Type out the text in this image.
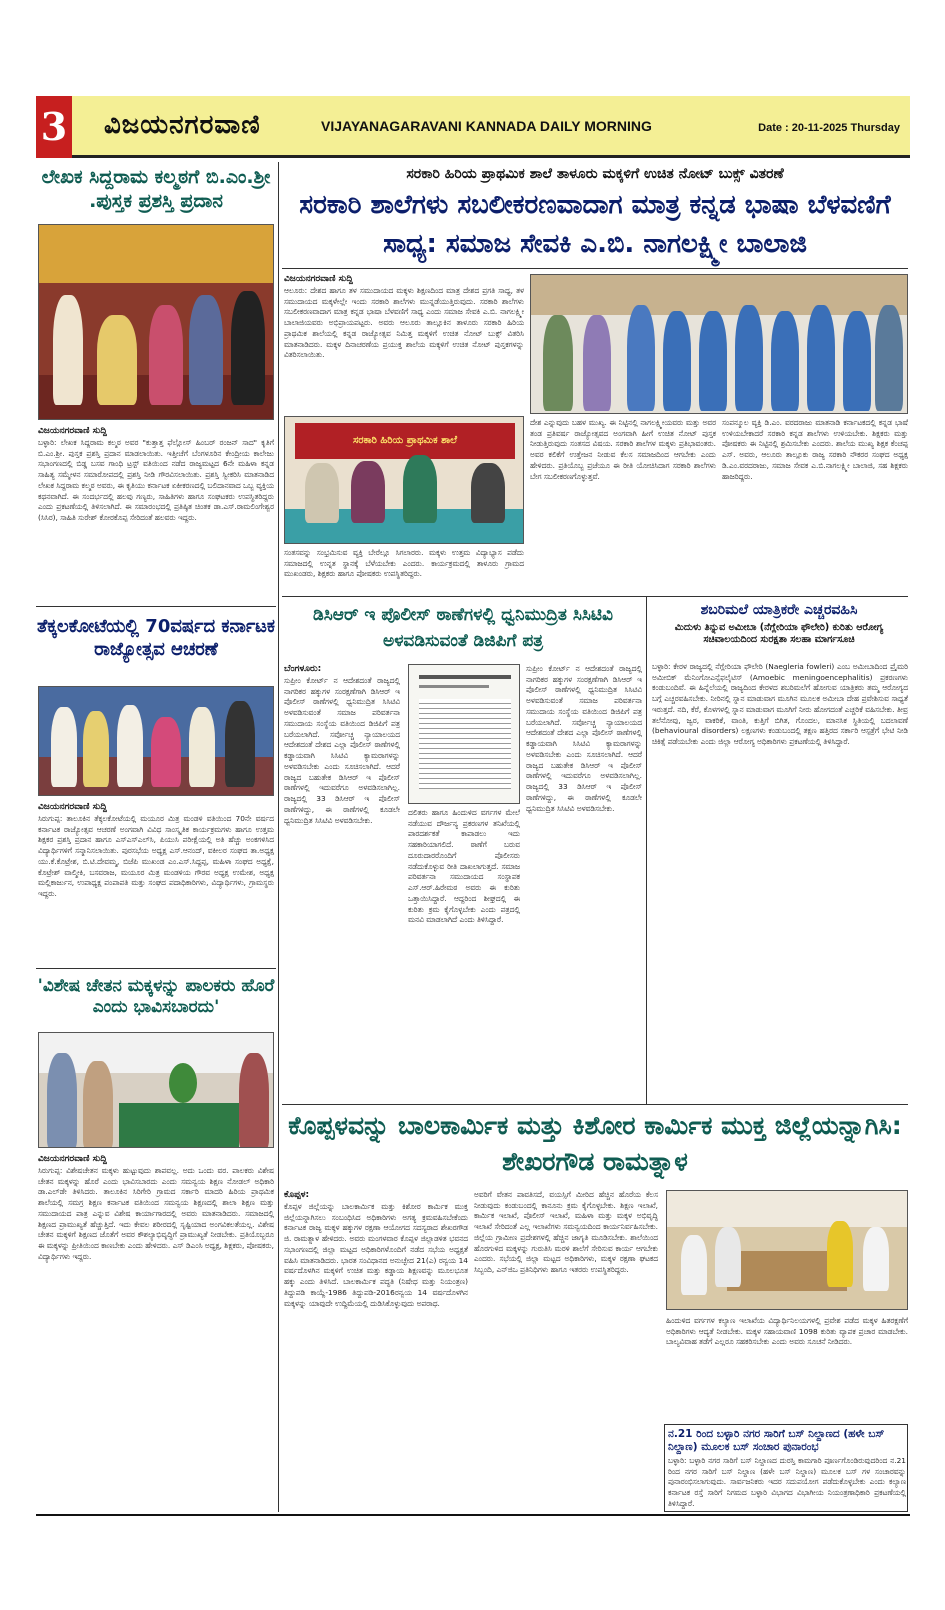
3 ವಿಜಯನಗರವಾಣಿ	VIJAYANAGARAVANI KANNADA DAILY MORNING	Date : 20-11-2025 Thursday
ಲೇಖಕ ಸಿದ್ದರಾಮ ಕಲ್ಮಠಗೆ ಬಿ.ಎಂ.ಶ್ರೀ .ಪುಸ್ತಕ ಪ್ರಶಸ್ತಿ ಪ್ರದಾನ
ವಿಜಯನಗರವಾಣಿ ಸುದ್ದಿ
ಬಳ್ಳಾರಿ: ಲೇಖಕ ಸಿದ್ದರಾಮ ಕಲ್ಮಠ ಅವರ "ಕುತ್ತಾತ್ತ ಫೆಲ್ಲೋಸ್ ಹಿಂಬರ್ ರಂಜನ್ ಸಾದ" ಕೃತಿಗೆ ಬಿ.ಎಂ.ಶ್ರೀ. ಪುಸ್ತಕ ಪ್ರಶಸ್ತಿ ಪ್ರದಾನ ಮಾಡಲಾಯಿತು. ಇತ್ತೀಚೆಗೆ ಬೆಂಗಳೂರಿನ ಕೇಂದ್ರೀಯ ಕಾಲೇಜು ಸಭಾಂಗಣದಲ್ಲಿ ಬಿಡ್ಡ ಬಸವ ಗಾಂಧಿ ಟ್ರಸ್ಟ್ ವತಿಯಿಂದ ನಡೆದ ರಾಜ್ಯಮಟ್ಟದ 6ನೇ ಮಹಿಳಾ ಕನ್ನಡ ಸಾಹಿತ್ಯ ಸಮ್ಮೇಳನ ಸಮಾರೋಪದಲ್ಲಿ ಪ್ರಶಸ್ತಿ ನೀಡಿ ಗೌರವಿಸಲಾಯಿತು. ಪ್ರಶಸ್ತಿ ಸ್ವೀಕರಿಸಿ ಮಾತನಾಡಿದ ಲೇಖಕ ಸಿದ್ದರಾಮ ಕಲ್ಮಠ ಅವರು, ಈ ಕೃತಿಯು ಕರ್ನಾಟಕ ಏಕೀಕರಣದಲ್ಲಿ ಬಲಿದಾನವಾದ ಒಬ್ಬ ವ್ಯಕ್ತಿಯ ಕಥನವಾಗಿದೆ. ಈ ಸಂದರ್ಭದಲ್ಲಿ ಹಲವು ಗಣ್ಯರು, ಸಾಹಿತಿಗಳು ಹಾಗೂ ಸಂಘಟಕರು ಉಪಸ್ಥಿತರಿದ್ದರು ಎಂದು ಪ್ರಕಟಣೆಯಲ್ಲಿ ತಿಳಿಸಲಾಗಿದೆ. ಈ ಸಮಾರಂಭದಲ್ಲಿ ಪ್ರತಿಷ್ಠಿತ ಚಿಂತಕ ಡಾ.ಎಸ್.ರಾಮಲಿಂಗೇಶ್ವರ (ಸಿಸಿರ), ಸಾಹಿತಿ ಸುರೇಶ್ ಕೋರಕೊಪ್ಪ ಸೇರಿದಂತೆ ಹಲವರು ಇದ್ದರು.
ತೆಕ್ಕಲಕೋಟೆಯಲ್ಲಿ 70ವರ್ಷದ ಕರ್ನಾಟಕ ರಾಜ್ಯೋತ್ಸವ ಆಚರಣೆ
ವಿಜಯನಗರವಾಣಿ ಸುದ್ದಿ
ಸಿರುಗುಪ್ಪ: ತಾಲೂಕಿನ ತೆಕ್ಕಲಕೋಟೆಯಲ್ಲಿ ಮಯೂರ ಮಿತ್ರ ಮಂಡಳಿ ವತಿಯಿಂದ 70ನೇ ವರ್ಷದ ಕರ್ನಾಟಕ ರಾಜ್ಯೋತ್ಸವ ಆಚರಣೆ ಅಂಗವಾಗಿ ವಿವಿಧ ಸಾಂಸ್ಕೃತಿಕ ಕಾರ್ಯಕ್ರಮಗಳು ಹಾಗೂ ಉತ್ತಮ ಶಿಕ್ಷಕರ ಪ್ರಶಸ್ತಿ ಪ್ರದಾನ ಹಾಗೂ ಎಸ್‌ಎಸ್‌ಎಲ್‌ಸಿ, ಪಿಯುಸಿ ಪರೀಕ್ಷೆಯಲ್ಲಿ ಅತಿ ಹೆಚ್ಚು ಅಂಕಗಳಿಸಿದ ವಿದ್ಯಾರ್ಥಿಗಳಿಗೆ ಸನ್ಮಾನಿಸಲಾಯಿತು. ಪುರಸಭೆಯ ಅಧ್ಯಕ್ಷ ಎಸ್.ಆನಂದ್, ವಕೀಲರ ಸಂಘದ ತಾ.ಅಧ್ಯಕ್ಷ ಯು.ಕೆ.ಕೊಟ್ರೇಶ, ಬಿ.ಟಿ.ದೇವಮ್ಮ, ಬಿಜೆಪಿ ಮುಖಂಡ ಎಂ.ಎಸ್.ಸಿದ್ದಪ್ಪ, ಮಹಿಳಾ ಸಂಘದ ಅಧ್ಯಕ್ಷೆ, ಕೊಟ್ರೇಶ್ ವಾಲ್ಮೀಕಿ, ಬಸವರಾಜ, ಮಯೂರ ಮಿತ್ರ ಮಂಡಳಿಯ ಗೌರವ ಅಧ್ಯಕ್ಷ ಉಮೇಶ, ಅಧ್ಯಕ್ಷ ಮಲ್ಲಿಕಾರ್ಜುನ, ಉಪಾಧ್ಯಕ್ಷ ಪಂಪಾಪತಿ ಮತ್ತು ಸಂಘದ ಪದಾಧಿಕಾರಿಗಳು, ವಿದ್ಯಾರ್ಥಿಗಳು, ಗ್ರಾಮಸ್ಥರು ಇದ್ದರು.
'ವಿಶೇಷ ಚೇತನ ಮಕ್ಕಳನ್ನು ಪಾಲಕರು ಹೊರೆ ಎಂದು ಭಾವಿಸಬಾರದು'
ವಿಜಯನಗರವಾಣಿ ಸುದ್ದಿ
ಸಿರುಗುಪ್ಪ: ವಿಶೇಷಚೇತನ ಮಕ್ಕಳು ಹುಟ್ಟುವುದು ಶಾಪವಲ್ಲ. ಅದು ಒಂದು ವರ. ಪಾಲಕರು ವಿಶೇಷ ಚೇತನ ಮಕ್ಕಳನ್ನು ಹೊರೆ ಎಂದು ಭಾವಿಸಬಾರದು ಎಂದು ಸಮನ್ವಯ ಶಿಕ್ಷಣ ನೋಡಲ್ ಅಧಿಕಾರಿ ಡಾ.ಎಲ್‌ಡೇ ತಿಳಿಸಿದರು. ತಾಲೂಕಿನ ಸಿರಿಗೇರಿ ಗ್ರಾಮದ ಸರ್ಕಾರಿ ಮಾದರಿ ಹಿರಿಯ ಪ್ರಾಥಮಿಕ ಶಾಲೆಯಲ್ಲಿ ಸಮಗ್ರ ಶಿಕ್ಷಣ ಕರ್ನಾಟಕ ವತಿಯಿಂದ ಸಮನ್ವಯ ಶಿಕ್ಷಣದಲ್ಲಿ ಶಾಲಾ ಶಿಕ್ಷಣ ಮತ್ತು ಸಮುದಾಯದ ಪಾತ್ರ ಎನ್ನುವ ವಿಶೇಷ ಕಾರ್ಯಾಗಾರದಲ್ಲಿ ಅವರು ಮಾತನಾಡಿದರು. ಸಮಾಜದಲ್ಲಿ ಶಿಕ್ಷಣದ ಪ್ರಾಮುಖ್ಯತೆ ಹೆಚ್ಚುತ್ತಿದೆ. ಇದು ಕೇವಲ ಶರೀರದಲ್ಲಿ ಸೃಷ್ಟಿಯಾದ ಅಂಗವಿಕಲತೆಯಲ್ಲ. ವಿಶೇಷ ಚೇತನ ಮಕ್ಕಳಿಗೆ ಶಿಕ್ಷಣದ ಜೊತೆಗೆ ಅವರ ಕೌಶಲ್ಯಾಭಿವೃದ್ಧಿಗೆ ಪ್ರಾಮುಖ್ಯತೆ ನೀಡಬೇಕು. ಪ್ರತಿಯೊಬ್ಬರೂ ಈ ಮಕ್ಕಳನ್ನು ಪ್ರೀತಿಯಿಂದ ಕಾಣಬೇಕು ಎಂದು ಹೇಳಿದರು. ಎಸ್ ಡಿಎಂಸಿ ಅಧ್ಯಕ್ಷ, ಶಿಕ್ಷಕರು, ಪೋಷಕರು, ವಿದ್ಯಾರ್ಥಿಗಳು ಇದ್ದರು.
ಸರಕಾರಿ ಹಿರಿಯ ಪ್ರಾಥಮಿಕ ಶಾಲೆ ತಾಳೂರು ಮಕ್ಕಳಿಗೆ ಉಚಿತ ನೋಟ್ ಬುಕ್ಸ್ ವಿತರಣೆ
ಸರಕಾರಿ ಶಾಲೆಗಳು ಸಬಲೀಕರಣವಾದಾಗ ಮಾತ್ರ ಕನ್ನಡ ಭಾಷಾ ಬೆಳವಣಿಗೆ ಸಾಧ್ಯ: ಸಮಾಜ ಸೇವಕಿ ಎ.ಬಿ. ನಾಗಲಕ್ಷ್ಮೀ ಬಾಲಾಜಿ
ವಿಜಯನಗರವಾಣಿ ಸುದ್ದಿ
ಆಲೂರು: ದೇಶದ ಹಾಗೂ ತಳ ಸಮುದಾಯದ ಮಕ್ಕಳು ಶಿಕ್ಷಣದಿಂದ ಮಾತ್ರ ದೇಶದ ಪ್ರಗತಿ ಸಾಧ್ಯ, ತಳ ಸಮುದಾಯದ ಮಕ್ಕಳೇಲ್ಲೇ ಇಂದು ಸರಕಾರಿ ಶಾಲೆಗಳು ಮುನ್ನಡೆಯುತ್ತಿರುವುದು. ಸರಕಾರಿ ಶಾಲೆಗಳು ಸಬಲೀಕರಣವಾದಾಗ ಮಾತ್ರ ಕನ್ನಡ ಭಾಷಾ ಬೆಳವಣಿಗೆ ಸಾಧ್ಯ ಎಂದು ಸಮಾಜ ಸೇವಕಿ ಎ.ಬಿ. ನಾಗಲಕ್ಷ್ಮೀ ಬಾಲಾಜಿಯವರು ಅಭಿಪ್ರಾಯಪಟ್ಟರು. ಅವರು ಆಲೂರು ತಾಲ್ಲೂಕಿನ ತಾಳೂರು ಸರಕಾರಿ ಹಿರಿಯ ಪ್ರಾಥಮಿಕ ಶಾಲೆಯಲ್ಲಿ ಕನ್ನಡ ರಾಜ್ಯೋತ್ಸವ ನಿಮಿತ್ತ ಮಕ್ಕಳಿಗೆ ಉಚಿತ ನೋಟ್ ಬುಕ್ಸ್ ವಿತರಿಸಿ ಮಾತನಾಡಿದರು. ಮಕ್ಕಳ ದಿನಾಚರಣೆಯ ಪ್ರಯುಕ್ತ ಶಾಲೆಯ ಮಕ್ಕಳಿಗೆ ಉಚಿತ ನೋಟ್ ಪುಸ್ತಕಗಳನ್ನು ವಿತರಿಸಲಾಯಿತು.
ಸರಕಾರಿ ಹಿರಿಯ ಪ್ರಾಥಮಿಕ ಶಾಲೆ
ದೇಶ ಎನ್ನುವುದು ಬಹಳ ಮುಖ್ಯ. ಈ ನಿಟ್ಟಿನಲ್ಲಿ ನಾಗಲಕ್ಷ್ಮೀಯವರು ಮತ್ತು ಅವರ ತಂಡ ಪ್ರತಿವರ್ಷ ರಾಜ್ಯೋತ್ಸವದ ಅಂಗವಾಗಿ ಹೀಗೆ ಉಚಿತ ನೋಟ್ ಪುಸ್ತಕ ನೀಡುತ್ತಿರುವುದು ಸಂತಸದ ವಿಷಯ. ಸರಕಾರಿ ಶಾಲೆಗಳ ಮಕ್ಕಳು ಪ್ರತಿಭಾವಂತರು. ಅವರ ಕಲಿಕೆಗೆ ಉತ್ತೇಜನ ನೀಡುವ ಕೆಲಸ ಸಮಾಜದಿಂದ ಆಗಬೇಕು ಎಂದು ಹೇಳಿದರು. ಪ್ರತಿಯೊಬ್ಬ ಪ್ರಜೆಯೂ ಈ ರೀತಿ ಯೋಚಿಸಿದಾಗ ಸರಕಾರಿ ಶಾಲೆಗಳು ಬೇಗ ಸಬಲೀಕರಣಗೊಳ್ಳುತ್ತವೆ.
ಸಂಪನ್ಮೂಲ ವ್ಯಕ್ತಿ ಡಿ.ಎಂ. ವರದರಾಜು ಮಾತನಾಡಿ ಕರ್ನಾಟಕದಲ್ಲಿ ಕನ್ನಡ ಭಾಷೆ ಉಳಿಯಬೇಕಾದರೆ ಸರಕಾರಿ ಕನ್ನಡ ಶಾಲೆಗಳು ಉಳಿಯಬೇಕು. ಶಿಕ್ಷಕರು ಮತ್ತು ಪೋಷಕರು ಈ ನಿಟ್ಟಿನಲ್ಲಿ ಶ್ರಮಿಸಬೇಕು ಎಂದರು. ಶಾಲೆಯ ಮುಖ್ಯ ಶಿಕ್ಷಕ ಕೆಂಚಪ್ಪ ಎಸ್. ಅವರು, ಆಲೂರು ತಾಲ್ಲೂಕು ರಾಜ್ಯ ಸರಕಾರಿ ನೌಕರರ ಸಂಘದ ಅಧ್ಯಕ್ಷ ಡಿ.ಎಂ.ವರದರಾಜು, ಸಮಾಜ ಸೇವಕ ಎ.ಬಿ.ನಾಗಲಕ್ಷ್ಮೀ ಬಾಲಾಜಿ, ಸಹ ಶಿಕ್ಷಕರು ಹಾಜರಿದ್ದರು.
ಸಂತಸವನ್ನು ಸಂಭ್ರಮಿಸುವ ವ್ಯಕ್ತಿ ಬೇರೆಲ್ಲೂ ಸಿಗಲಾರರು. ಮಕ್ಕಳು ಉತ್ತಮ ವಿದ್ಯಾಭ್ಯಾಸ ಪಡೆದು ಸಮಾಜದಲ್ಲಿ ಉನ್ನತ ಸ್ಥಾನಕ್ಕೆ ಬೆಳೆಯಬೇಕು ಎಂದರು. ಕಾರ್ಯಕ್ರಮದಲ್ಲಿ ತಾಳೂರು ಗ್ರಾಮದ ಮುಖಂಡರು, ಶಿಕ್ಷಕರು ಹಾಗೂ ಪೋಷಕರು ಉಪಸ್ಥಿತರಿದ್ದರು.
ಡಿಸಿಆರ್ ಇ ಪೊಲೀಸ್ ಠಾಣೆಗಳಲ್ಲಿ ಧ್ವನಿಮುದ್ರಿತ ಸಿಸಿಟಿವಿ ಅಳವಡಿಸುವಂತೆ ಡಿಜಿಪಿಗೆ ಪತ್ರ
ಬೆಂಗಳೂರು:
ಸುಪ್ರೀಂ ಕೋರ್ಟ್ ನ ಆದೇಶದಂತೆ ರಾಜ್ಯದಲ್ಲಿ ನಾಗರಿಕರ ಹಕ್ಕುಗಳ ಸಂರಕ್ಷಣೆಗಾಗಿ ಡಿಸಿಆರ್ ಇ ಪೊಲೀಸ್ ಠಾಣೆಗಳಲ್ಲಿ ಧ್ವನಿಮುದ್ರಿತ ಸಿಸಿಟಿವಿ ಅಳವಡಿಸುವಂತೆ ಸಮಾಜ ಪರಿವರ್ತನಾ ಸಮುದಾಯ ಸಂಸ್ಥೆಯ ವತಿಯಿಂದ ಡಿಜಿಪಿಗೆ ಪತ್ರ ಬರೆಯಲಾಗಿದೆ. ಸರ್ವೋಚ್ಚ ನ್ಯಾಯಾಲಯದ ಆದೇಶದಂತೆ ದೇಶದ ಎಲ್ಲಾ ಪೊಲೀಸ್ ಠಾಣೆಗಳಲ್ಲಿ ಕಡ್ಡಾಯವಾಗಿ ಸಿಸಿಟಿವಿ ಕ್ಯಾಮರಾಗಳನ್ನು ಅಳವಡಿಸಬೇಕು ಎಂದು ಸೂಚಿಸಲಾಗಿದೆ. ಆದರೆ ರಾಜ್ಯದ ಬಹುತೇಕ ಡಿಸಿಆರ್ ಇ ಪೊಲೀಸ್ ಠಾಣೆಗಳಲ್ಲಿ ಇದುವರೆಗೂ ಅಳವಡಿಸಲಾಗಿಲ್ಲ. ರಾಜ್ಯದಲ್ಲಿ 33 ಡಿಸಿಆರ್ ಇ ಪೊಲೀಸ್ ಠಾಣೆಗಳಿದ್ದು, ಈ ಠಾಣೆಗಳಲ್ಲಿ ಕೂಡಲೇ ಧ್ವನಿಮುದ್ರಿತ ಸಿಸಿಟಿವಿ ಅಳವಡಿಸಬೇಕು.
ದಲಿತರು ಹಾಗೂ ಹಿಂದುಳಿದ ವರ್ಗಗಳ ಮೇಲೆ ನಡೆಯುವ ದೌರ್ಜನ್ಯ ಪ್ರಕರಣಗಳ ತನಿಖೆಯಲ್ಲಿ ಪಾರದರ್ಶಕತೆ ಕಾಪಾಡಲು ಇದು ಸಹಕಾರಿಯಾಗಲಿದೆ. ಠಾಣೆಗೆ ಬರುವ ದೂರುದಾರರೊಂದಿಗೆ ಪೊಲೀಸರು ನಡೆದುಕೊಳ್ಳುವ ರೀತಿ ದಾಖಲಾಗುತ್ತದೆ. ಸಮಾಜ ಪರಿವರ್ತನಾ ಸಮುದಾಯದ ಸಂಸ್ಥಾಪಕ ಎಸ್.ಆರ್.ಹಿರೇಮಠ ಅವರು ಈ ಕುರಿತು ಒತ್ತಾಯಿಸಿದ್ದಾರೆ. ಆದ್ದರಿಂದ ಶೀಘ್ರದಲ್ಲಿ ಈ ಕುರಿತು ಕ್ರಮ ಕೈಗೊಳ್ಳಬೇಕು ಎಂದು ಪತ್ರದಲ್ಲಿ ಮನವಿ ಮಾಡಲಾಗಿದೆ ಎಂದು ತಿಳಿಸಿದ್ದಾರೆ.
ಸುಪ್ರೀಂ ಕೋರ್ಟ್ ನ ಆದೇಶದಂತೆ ರಾಜ್ಯದಲ್ಲಿ ನಾಗರಿಕರ ಹಕ್ಕುಗಳ ಸಂರಕ್ಷಣೆಗಾಗಿ ಡಿಸಿಆರ್ ಇ ಪೊಲೀಸ್ ಠಾಣೆಗಳಲ್ಲಿ ಧ್ವನಿಮುದ್ರಿತ ಸಿಸಿಟಿವಿ ಅಳವಡಿಸುವಂತೆ ಸಮಾಜ ಪರಿವರ್ತನಾ ಸಮುದಾಯ ಸಂಸ್ಥೆಯ ವತಿಯಿಂದ ಡಿಜಿಪಿಗೆ ಪತ್ರ ಬರೆಯಲಾಗಿದೆ. ಸರ್ವೋಚ್ಚ ನ್ಯಾಯಾಲಯದ ಆದೇಶದಂತೆ ದೇಶದ ಎಲ್ಲಾ ಪೊಲೀಸ್ ಠಾಣೆಗಳಲ್ಲಿ ಕಡ್ಡಾಯವಾಗಿ ಸಿಸಿಟಿವಿ ಕ್ಯಾಮರಾಗಳನ್ನು ಅಳವಡಿಸಬೇಕು ಎಂದು ಸೂಚಿಸಲಾಗಿದೆ. ಆದರೆ ರಾಜ್ಯದ ಬಹುತೇಕ ಡಿಸಿಆರ್ ಇ ಪೊಲೀಸ್ ಠಾಣೆಗಳಲ್ಲಿ ಇದುವರೆಗೂ ಅಳವಡಿಸಲಾಗಿಲ್ಲ. ರಾಜ್ಯದಲ್ಲಿ 33 ಡಿಸಿಆರ್ ಇ ಪೊಲೀಸ್ ಠಾಣೆಗಳಿದ್ದು, ಈ ಠಾಣೆಗಳಲ್ಲಿ ಕೂಡಲೇ ಧ್ವನಿಮುದ್ರಿತ ಸಿಸಿಟಿವಿ ಅಳವಡಿಸಬೇಕು.
ಶಬರಿಮಲೆ ಯಾತ್ರಿಕರೇ ಎಚ್ಚರವಹಿಸಿ
ಮಿದುಳು ತಿನ್ನುವ ಅಮೀಬಾ (ನೆಗ್ಲೇರಿಯಾ ಫೌಲೇರಿ) ಕುರಿತು ಆರೋಗ್ಯ ಸಚಿವಾಲಯದಿಂದ ಸುರಕ್ಷತಾ ಸಲಹಾ ಮಾರ್ಗಸೂಚಿ
ಬಳ್ಳಾರಿ: ಕೇರಳ ರಾಜ್ಯದಲ್ಲಿ ನೆಗ್ಲೇರಿಯಾ ಫೌಲೇರಿ (Naegleria fowleri) ಎಂಬ ಅಮೀಬಾದಿಂದ ಪ್ರೈಮರಿ ಅಮೀಬಿಕ್ ಮೆನಿಂಗೋಎನ್ಸೆಫಲೈಟಿಸ್ (Amoebic meningoencephalitis) ಪ್ರಕರಣಗಳು ಕಂಡುಬಂದಿವೆ. ಈ ಹಿನ್ನೆಲೆಯಲ್ಲಿ ರಾಜ್ಯದಿಂದ ಕೇರಳದ ಶಬರಿಮಲೆಗೆ ಹೋಗುವ ಯಾತ್ರಿಕರು ತಮ್ಮ ಆರೋಗ್ಯದ ಬಗ್ಗೆ ಎಚ್ಚರವಹಿಸಬೇಕು. ನೀರಿನಲ್ಲಿ ಸ್ನಾನ ಮಾಡುವಾಗ ಮೂಗಿನ ಮೂಲಕ ಅಮೀಬಾ ದೇಹ ಪ್ರವೇಶಿಸುವ ಸಾಧ್ಯತೆ ಇರುತ್ತದೆ. ನದಿ, ಕೆರೆ, ಕೊಳಗಳಲ್ಲಿ ಸ್ನಾನ ಮಾಡುವಾಗ ಮೂಗಿಗೆ ನೀರು ಹೋಗದಂತೆ ಎಚ್ಚರಿಕೆ ವಹಿಸಬೇಕು. ತೀವ್ರ ತಲೆನೋವು, ಜ್ವರ, ವಾಕರಿಕೆ, ವಾಂತಿ, ಕುತ್ತಿಗೆ ಬಿಗಿತ, ಗೊಂದಲ, ಮಾನಸಿಕ ಸ್ಥಿತಿಯಲ್ಲಿ ಬದಲಾವಣೆ (behavioural disorders) ಲಕ್ಷಣಗಳು ಕಂಡುಬಂದಲ್ಲಿ ತಕ್ಷಣ ಹತ್ತಿರದ ಸರ್ಕಾರಿ ಆಸ್ಪತ್ರೆಗೆ ಭೇಟಿ ನೀಡಿ ಚಿಕಿತ್ಸೆ ಪಡೆಯಬೇಕು ಎಂದು ಜಿಲ್ಲಾ ಆರೋಗ್ಯ ಅಧಿಕಾರಿಗಳು ಪ್ರಕಟಣೆಯಲ್ಲಿ ತಿಳಿಸಿದ್ದಾರೆ.
ಕೊಪ್ಪಳವನ್ನು ಬಾಲಕಾರ್ಮಿಕ ಮತ್ತು ಕಿಶೋರ ಕಾರ್ಮಿಕ ಮುಕ್ತ ಜಿಲ್ಲೆಯನ್ನಾಗಿಸಿ: ಶೇಖರಗೌಡ ರಾಮತ್ನಾಳ
ಕೊಪ್ಪಳ:
ಕೊಪ್ಪಳ ಜಿಲ್ಲೆಯನ್ನು ಬಾಲಕಾರ್ಮಿಕ ಮತ್ತು ಕಿಶೋರ ಕಾರ್ಮಿಕ ಮುಕ್ತ ಜಿಲ್ಲೆಯನ್ನಾಗಿಸಲು ಸಂಬಂಧಿಸಿದ ಅಧಿಕಾರಿಗಳು ಅಗತ್ಯ ಕ್ರಮವಹಿಸಬೇಕೆಂದು ಕರ್ನಾಟಕ ರಾಜ್ಯ ಮಕ್ಕಳ ಹಕ್ಕುಗಳ ರಕ್ಷಣಾ ಆಯೋಗದ ಸದಸ್ಯರಾದ ಶೇಖರಗೌಡ ಜಿ. ರಾಮತ್ನಾಳ ಹೇಳಿದರು. ಅವರು ಮಂಗಳವಾರ ಕೊಪ್ಪಳ ಜಿಲ್ಲಾಡಳಿತ ಭವನದ ಸಭಾಂಗಣದಲ್ಲಿ ಜಿಲ್ಲಾ ಮಟ್ಟದ ಅಧಿಕಾರಿಗಳೊಂದಿಗೆ ನಡೆದ ಸಭೆಯ ಅಧ್ಯಕ್ಷತೆ ವಹಿಸಿ ಮಾತನಾಡಿದರು. ಭಾರತ ಸಂವಿಧಾನದ ಅನುಚ್ಛೇದ 21(ಎ) ರನ್ವಯ 14 ವರ್ಷದೊಳಗಿನ ಮಕ್ಕಳಿಗೆ ಉಚಿತ ಮತ್ತು ಕಡ್ಡಾಯ ಶಿಕ್ಷಣವನ್ನು ಮೂಲಭೂತ ಹಕ್ಕು ಎಂದು ತಿಳಿಸಿದೆ. ಬಾಲಕಾರ್ಮಿಕ ಪದ್ಧತಿ (ನಿಷೇಧ ಮತ್ತು ನಿಯಂತ್ರಣ) ತಿದ್ದುಪಡಿ ಕಾಯ್ದೆ-1986 ತಿದ್ದುಪಡಿ-2016ರನ್ವಯ 14 ವರ್ಷದೊಳಗಿನ ಮಕ್ಕಳನ್ನು ಯಾವುದೇ ಉದ್ದಿಮೆಯಲ್ಲಿ ದುಡಿಸಿಕೊಳ್ಳುವುದು ಅಪರಾಧ.
ಅವರಿಗೆ ವೇತನ ಪಾವತಿಸದೆ, ವಯಸ್ಸಿಗೆ ಮೀರಿದ ಹೆಚ್ಚಿನ ಹೊರೆಯ ಕೆಲಸ ನೀಡುವುದು ಕಂಡುಬಂದಲ್ಲಿ ಕಾನೂನು ಕ್ರಮ ಕೈಗೊಳ್ಳಬೇಕು. ಶಿಕ್ಷಣ ಇಲಾಖೆ, ಕಾರ್ಮಿಕ ಇಲಾಖೆ, ಪೊಲೀಸ್ ಇಲಾಖೆ, ಮಹಿಳಾ ಮತ್ತು ಮಕ್ಕಳ ಅಭಿವೃದ್ಧಿ ಇಲಾಖೆ ಸೇರಿದಂತೆ ಎಲ್ಲ ಇಲಾಖೆಗಳು ಸಮನ್ವಯದಿಂದ ಕಾರ್ಯನಿರ್ವಹಿಸಬೇಕು. ಜಿಲ್ಲೆಯ ಗ್ರಾಮೀಣ ಪ್ರದೇಶಗಳಲ್ಲಿ ಹೆಚ್ಚಿನ ಜಾಗೃತಿ ಮೂಡಿಸಬೇಕು. ಶಾಲೆಯಿಂದ ಹೊರಗುಳಿದ ಮಕ್ಕಳನ್ನು ಗುರುತಿಸಿ ಮರಳಿ ಶಾಲೆಗೆ ಸೇರಿಸುವ ಕಾರ್ಯ ಆಗಬೇಕು ಎಂದರು. ಸಭೆಯಲ್ಲಿ ಜಿಲ್ಲಾ ಮಟ್ಟದ ಅಧಿಕಾರಿಗಳು, ಮಕ್ಕಳ ರಕ್ಷಣಾ ಘಟಕದ ಸಿಬ್ಬಂದಿ, ಎನ್‌ಜಿಒ ಪ್ರತಿನಿಧಿಗಳು ಹಾಗೂ ಇತರರು ಉಪಸ್ಥಿತರಿದ್ದರು.
ಹಿಂದುಳಿದ ವರ್ಗಗಳ ಕಲ್ಯಾಣ ಇಲಾಖೆಯ ವಿದ್ಯಾರ್ಥಿನಿಲಯಗಳಲ್ಲಿ ಪ್ರವೇಶ ಪಡೆದ ಮಕ್ಕಳ ಹಿತರಕ್ಷಣೆಗೆ ಅಧಿಕಾರಿಗಳು ಆದ್ಯತೆ ನೀಡಬೇಕು. ಮಕ್ಕಳ ಸಹಾಯವಾಣಿ 1098 ಕುರಿತು ವ್ಯಾಪಕ ಪ್ರಚಾರ ಮಾಡಬೇಕು. ಬಾಲ್ಯವಿವಾಹ ತಡೆಗೆ ಎಲ್ಲರೂ ಸಹಕರಿಸಬೇಕು ಎಂದು ಅವರು ಸೂಚನೆ ನೀಡಿದರು.
ನ.21 ರಿಂದ ಬಳ್ಳಾರಿ ನಗರ ಸಾರಿಗೆ ಬಸ್ ನಿಲ್ದಾಣದ (ಹಳೇ ಬಸ್ ನಿಲ್ದಾಣ) ಮೂಲಕ ಬಸ್ ಸಂಚಾರ ಪುನಾರಂಭ
ಬಳ್ಳಾರಿ: ಬಳ್ಳಾರಿ ನಗರ ಸಾರಿಗೆ ಬಸ್ ನಿಲ್ದಾಣದ ದುರಸ್ತಿ ಕಾಮಗಾರಿ ಪೂರ್ಣಗೊಂಡಿರುವುದರಿಂದ ನ.21 ರಿಂದ ನಗರ ಸಾರಿಗೆ ಬಸ್ ನಿಲ್ದಾಣ (ಹಳೇ ಬಸ್ ನಿಲ್ದಾಣ) ಮೂಲಕ ಬಸ್ ಗಳ ಸಂಚಾರವನ್ನು ಪುನಾರಂಭಿಸಲಾಗುವುದು. ಸಾರ್ವಜನಿಕರು ಇದರ ಸದುಪಯೋಗ ಪಡೆದುಕೊಳ್ಳಬೇಕು ಎಂದು ಕಲ್ಯಾಣ ಕರ್ನಾಟಕ ರಸ್ತೆ ಸಾರಿಗೆ ನಿಗಮದ ಬಳ್ಳಾರಿ ವಿಭಾಗದ ವಿಭಾಗೀಯ ನಿಯಂತ್ರಣಾಧಿಕಾರಿ ಪ್ರಕಟಣೆಯಲ್ಲಿ ತಿಳಿಸಿದ್ದಾರೆ.
